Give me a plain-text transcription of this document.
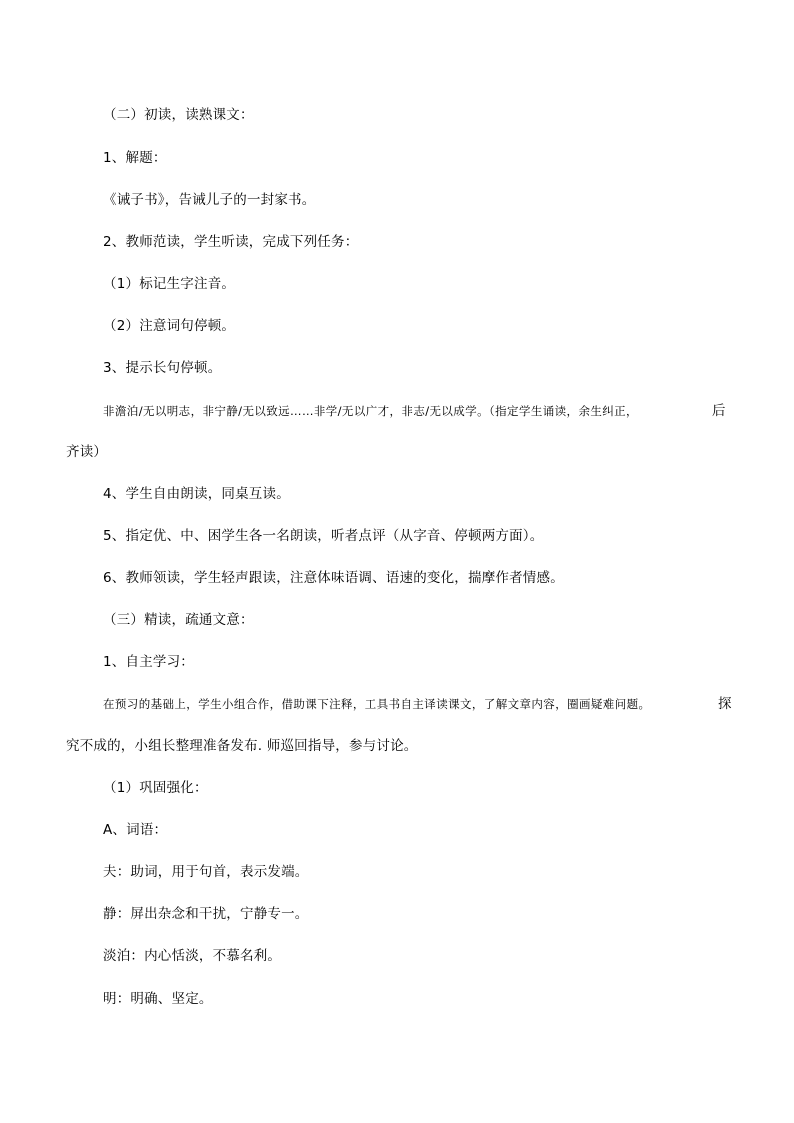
（二）初读，读熟课文：
1、解题：
《诫子书》，告诫儿子的一封家书。
2、教师范读，学生听读，完成下列任务：
（1）标记生字注音。
（2）注意词句停顿。
3、提示长句停顿。
非澹泊/无以明志，非宁静/无以致远……非学/无以广才，非志/无以成学。（指定学生诵读，余生纠正，	后
齐读）
4、学生自由朗读，同桌互读。
5、指定优、中、困学生各一名朗读，听者点评（从字音、停顿两方面）。
6、教师领读，学生轻声跟读，注意体味语调、语速的变化，揣摩作者情感。
（三）精读，疏通文意：
1、自主学习：
在预习的基础上，学生小组合作，借助课下注释，工具书自主译读课文，了解文章内容，圈画疑难问题。	探
究不成的，小组长整理准备发布. 师巡回指导，参与讨论。
（1）巩固强化：
A、词语：
夫：助词，用于句首，表示发端。
静：屏出杂念和干扰，宁静专一。
淡泊：内心恬淡，不慕名利。
明：明确、坚定。
